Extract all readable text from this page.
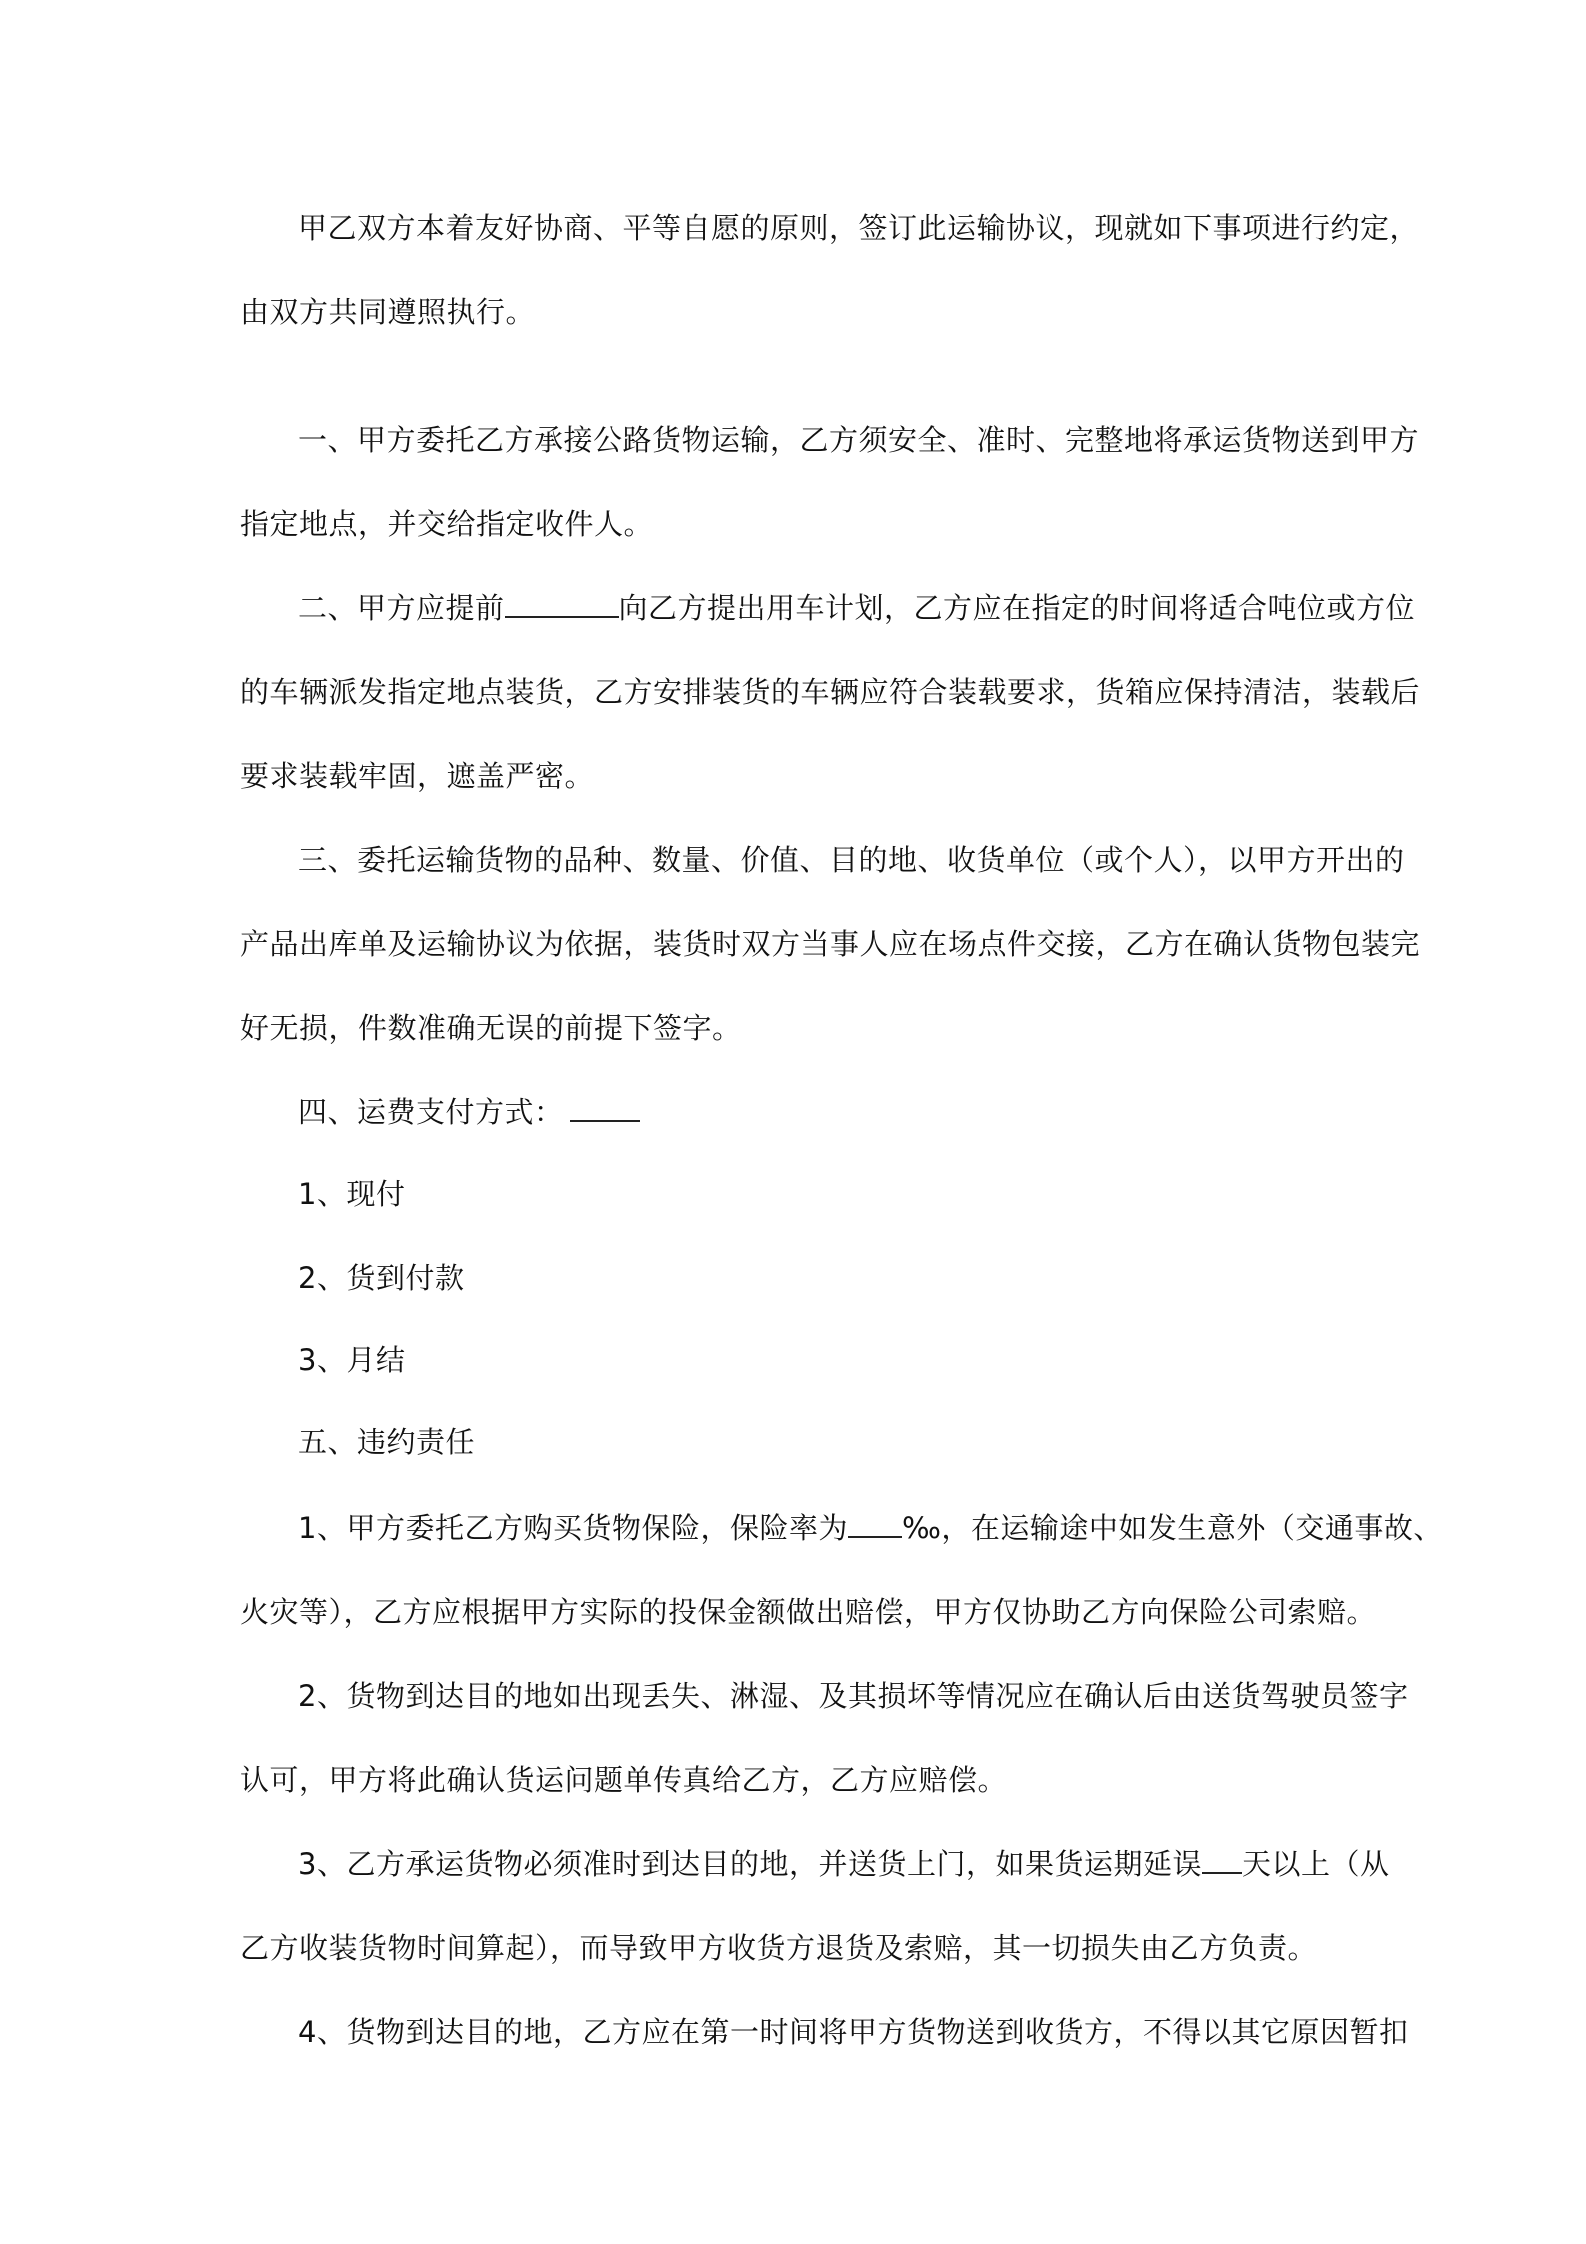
甲乙双方本着友好协商、平等自愿的原则，签订此运输协议，现就如下事项进行约定，
由双方共同遵照执行。
一、甲方委托乙方承接公路货物运输，乙方须安全、准时、完整地将承运货物送到甲方
指定地点，并交给指定收件人。
二、甲方应提前	向乙方提出用车计划，乙方应在指定的时间将适合吨位或方位
的车辆派发指定地点装货，乙方安排装货的车辆应符合装载要求，货箱应保持清洁，装载后
要求装载牢固，遮盖严密。
三、委托运输货物的品种、数量、价值、目的地、收货单位（或个人），以甲方开出的
产品出库单及运输协议为依据，装货时双方当事人应在场点件交接，乙方在确认货物包装完
好无损，件数准确无误的前提下签字。
四、运费支付方式：
1、现付
2、货到付款
3、月结
五、违约责任
1、甲方委托乙方购买货物保险，保险率为 ‰，在运输途中如发生意外（交通事故、
火灾等），乙方应根据甲方实际的投保金额做出赔偿，甲方仅协助乙方向保险公司索赔。
2、货物到达目的地如出现丢失、淋湿、及其损坏等情况应在确认后由送货驾驶员签字
认可，甲方将此确认货运问题单传真给乙方，乙方应赔偿。
3、乙方承运货物必须准时到达目的地，并送货上门，如果货运期延误 天以上（从
乙方收装货物时间算起），而导致甲方收货方退货及索赔，其一切损失由乙方负责。
4、货物到达目的地，乙方应在第一时间将甲方货物送到收货方，不得以其它原因暂扣
